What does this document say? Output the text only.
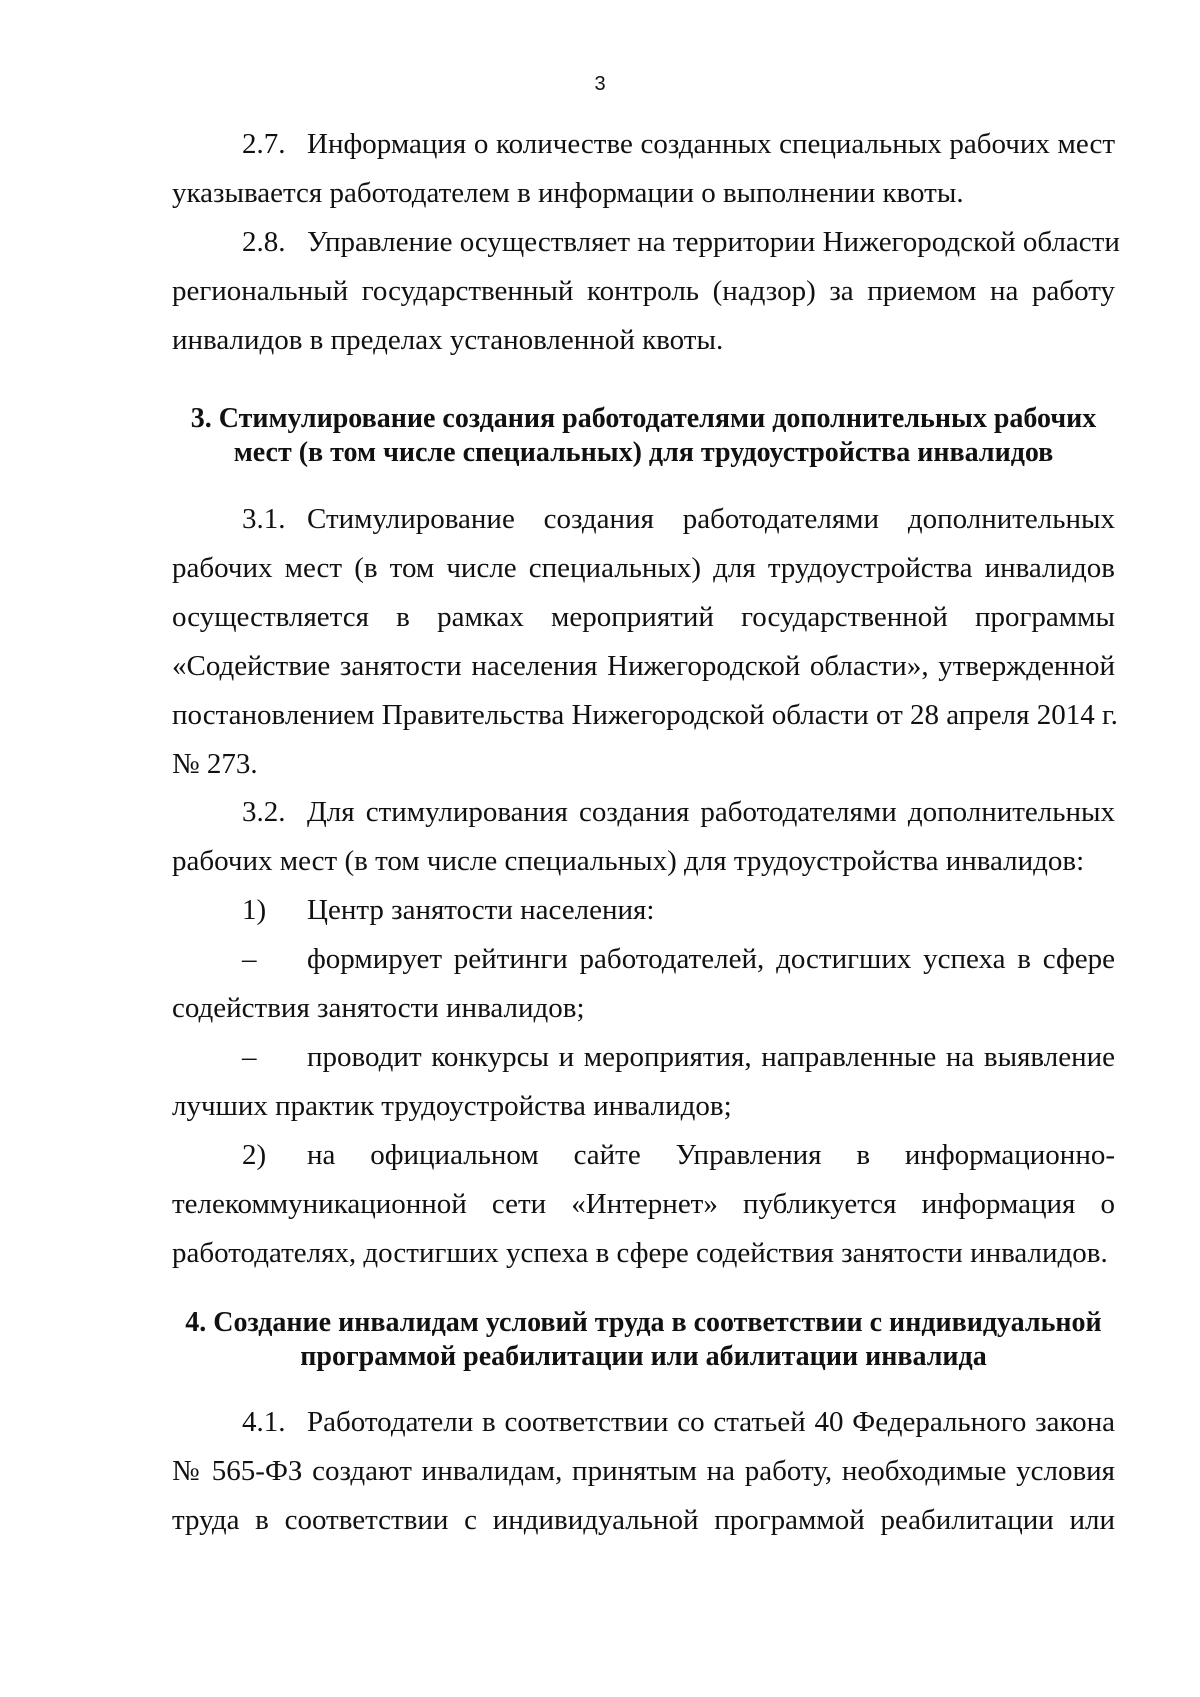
3
2.7. Информация о количестве созданных специальных рабочих мест
указывается работодателем в информации о выполнении квоты.
2.8. Управление осуществляет на территории Нижегородской области
региональный государственный контроль (надзор) за приемом на работу
инвалидов в пределах установленной квоты.
3. Стимулирование создания работодателями дополнительных рабочих
мест (в том числе специальных) для трудоустройства инвалидов
3.1. Стимулирование создания работодателями дополнительных
рабочих мест (в том числе специальных) для трудоустройства инвалидов
осуществляется в рамках мероприятий государственной программы
«Содействие занятости населения Нижегородской области», утвержденной
постановлением Правительства Нижегородской области от 28 апреля 2014 г.
№ 273.
3.2. Для стимулирования создания работодателями дополнительных
рабочих мест (в том числе специальных) для трудоустройства инвалидов:
1) Центр занятости населения:
– формирует рейтинги работодателей, достигших успеха в сфере
содействия занятости инвалидов;
– проводит конкурсы и мероприятия, направленные на выявление
лучших практик трудоустройства инвалидов;
2) на официальном сайте Управления в информационно-
телекоммуникационной сети «Интернет» публикуется информация о
работодателях, достигших успеха в сфере содействия занятости инвалидов.
4. Создание инвалидам условий труда в соответствии с индивидуальной
программой реабилитации или абилитации инвалида
4.1. Работодатели в соответствии со статьей 40 Федерального закона
№ 565-ФЗ создают инвалидам, принятым на работу, необходимые условия
труда в соответствии с индивидуальной программой реабилитации или
